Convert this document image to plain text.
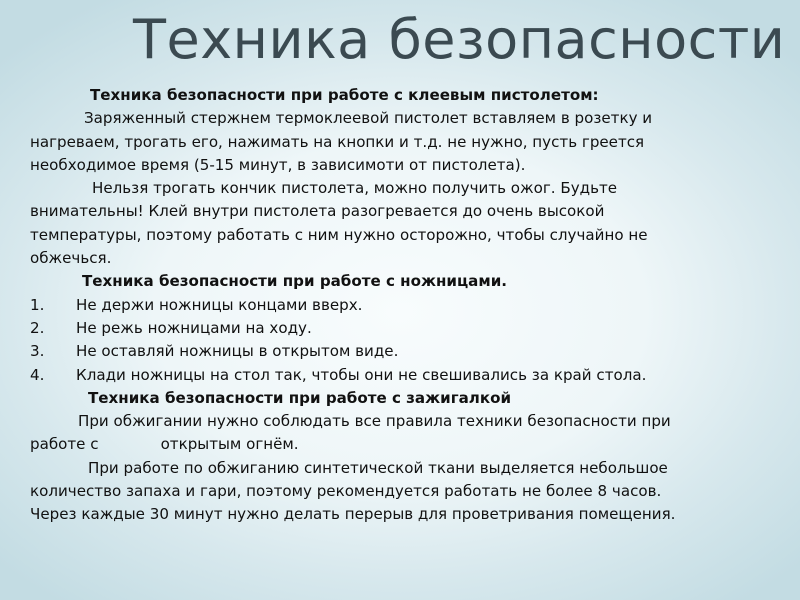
Техника безопасности при работе с клеевым пистолетом:

Заряженный стержнем термоклеевой пистолет вставляем в розетку и

нагреваем, трогать его, нажимать на кнопки и т.д. не нужно, пусть греется

необходимое время (5-15 минут, в зависимоти от пистолета).

Нельзя трогать кончик пистолета, можно получить ожог. Будьте

внимательны! Клей внутри пистолета разогревается до очень высокой

температуры, поэтому работать с ним нужно осторожно, чтобы случайно не

обжечься.

Техника безопасности при работе с ножницами.

1. Не держи ножницы концами вверх.

2. Не режь ножницами на ходу.

3. Не оставляй ножницы в открытом виде.

4. Клади ножницы на стол так, чтобы они не свешивались за край стола.

Техника безопасности при работе с зажигалкой

При обжигании нужно соблюдать все правила техники безопасности при

работе с	открытым огнём.

При работе по обжиганию синтетической ткани выделяется небольшое

количество запаха и гари, поэтому рекомендуется работать не более 8 часов.

Через каждые 30 минут нужно делать перерыв для проветривания помещения.

Техника безопасности
